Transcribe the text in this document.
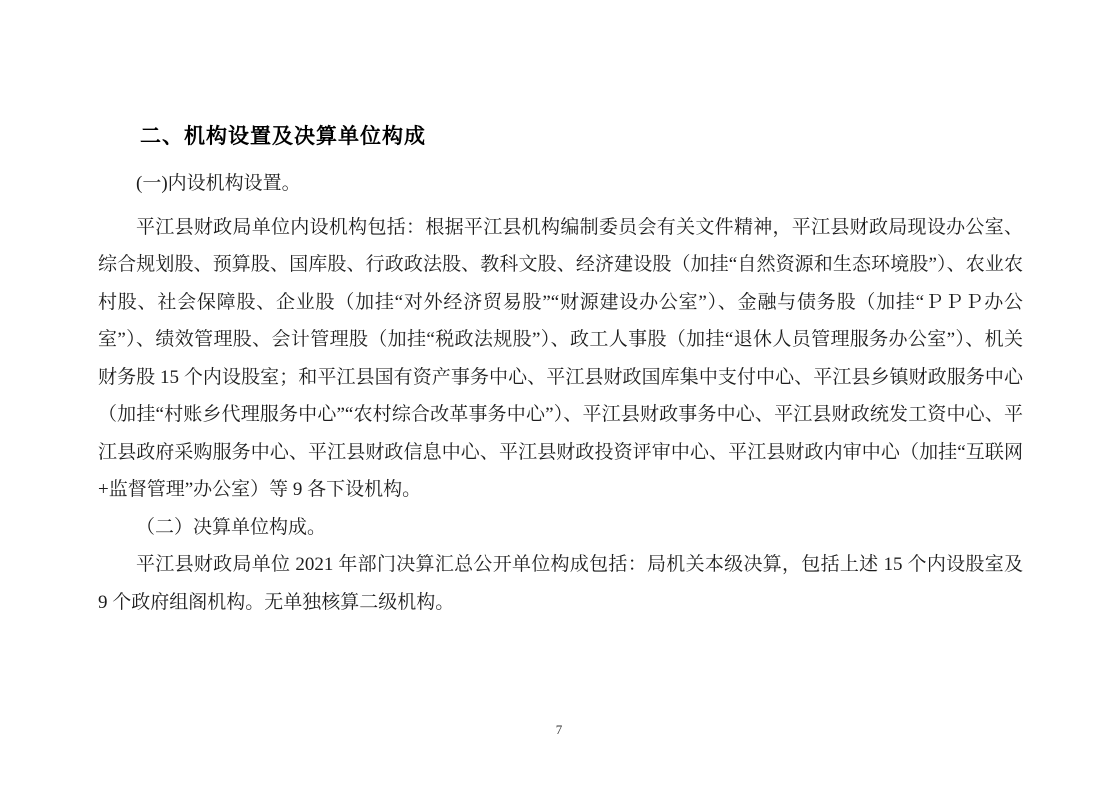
二、机构设置及决算单位构成

(一)内设机构设置。

平江县财政局单位内设机构包括：根据平江县机构编制委员会有关文件精神，平江县财政局现设办公室、综合规划股、预算股、国库股、行政政法股、教科文股、经济建设股（加挂“自然资源和生态环境股”）、农业农村股、社会保障股、企业股（加挂“对外经济贸易股”“财源建设办公室”）、金融与债务股（加挂“ＰＰＰ办公室”）、绩效管理股、会计管理股（加挂“税政法规股”）、政工人事股（加挂“退休人员管理服务办公室”）、机关财务股 15 个内设股室；和平江县国有资产事务中心、平江县财政国库集中支付中心、平江县乡镇财政服务中心（加挂“村账乡代理服务中心”“农村综合改革事务中心”）、平江县财政事务中心、平江县财政统发工资中心、平江县政府采购服务中心、平江县财政信息中心、平江县财政投资评审中心、平江县财政内审中心（加挂“互联网+监督管理”办公室）等 9 各下设机构。

（二）决算单位构成。

平江县财政局单位 2021 年部门决算汇总公开单位构成包括：局机关本级决算，包括上述 15 个内设股室及 9 个政府组阁机构。无单独核算二级机构。

7
